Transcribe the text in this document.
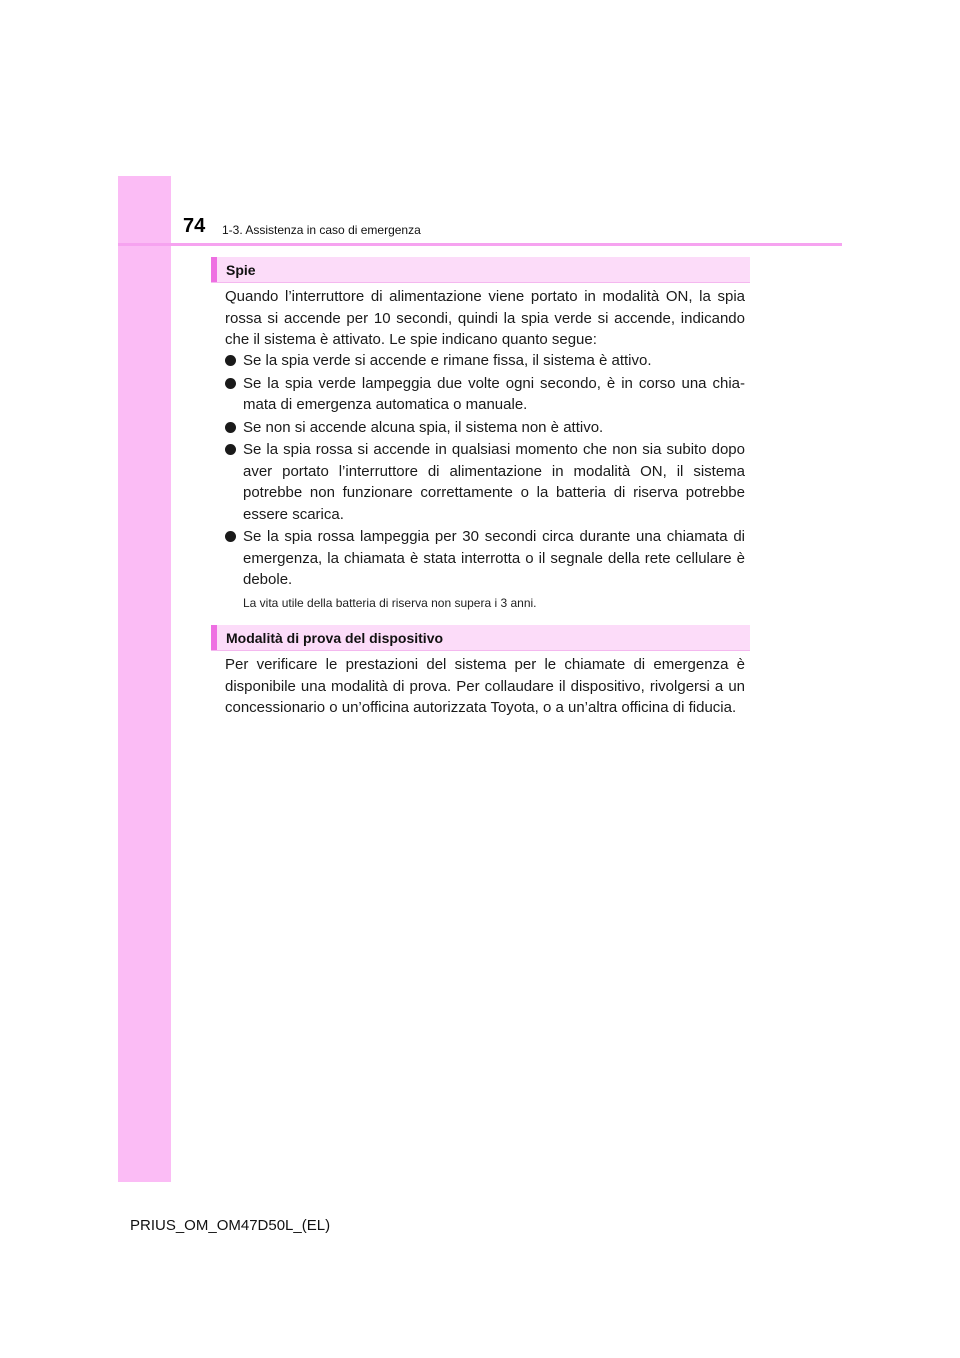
74 1-3. Assistenza in caso di emergenza
Spie
Quando l’interruttore di alimentazione viene portato in modalità ON, la spia rossa si accende per 10 secondi, quindi la spia verde si accende, indicando che il sistema è attivato. Le spie indicano quanto segue:
Se la spia verde si accende e rimane fissa, il sistema è attivo.
Se la spia verde lampeggia due volte ogni secondo, è in corso una chia-mata di emergenza automatica o manuale.
Se non si accende alcuna spia, il sistema non è attivo.
Se la spia rossa si accende in qualsiasi momento che non sia subito dopo aver portato l’interruttore di alimentazione in modalità ON, il sistema potrebbe non funzionare correttamente o la batteria di riserva potrebbe essere scarica.
Se la spia rossa lampeggia per 30 secondi circa durante una chiamata di emergenza, la chiamata è stata interrotta o il segnale della rete cellulare è debole.
La vita utile della batteria di riserva non supera i 3 anni.
Modalità di prova del dispositivo
Per verificare le prestazioni del sistema per le chiamate di emergenza è disponibile una modalità di prova. Per collaudare il dispositivo, rivolgersi a un concessionario o un’officina autorizzata Toyota, o a un’altra officina di fiducia.
PRIUS_OM_OM47D50L_(EL)
